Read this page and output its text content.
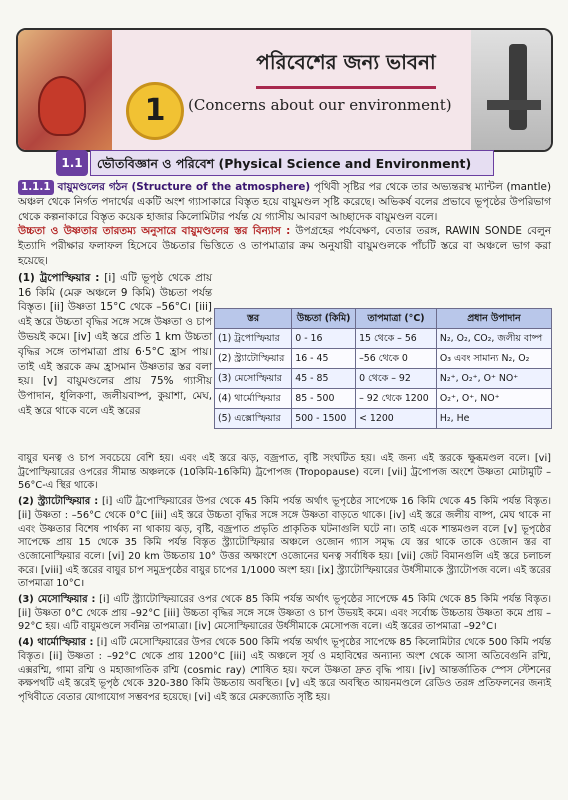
পরিবেশের জন্য ভাবনা
1	(Concerns about our environment)
1.1	ভৌতবিজ্ঞান ও পরিবেশ (Physical Science and Environment)

1.1.1 বায়ুমণ্ডলের গঠন (Structure of the atmosphere) পৃথিবী সৃষ্টির পর থেকে তার অভ্যন্তরস্থ ম্যান্টল (mantle) অঞ্চল থেকে নির্গত পদার্থের একটি অংশ গ্যাসাকারে বিস্তৃত হয়ে বায়ুমণ্ডল সৃষ্টি করেছে। অভিকর্ষ বলের প্রভাবে ভূপৃষ্ঠের উপরিভাগ থেকে কল্পনাকারে বিস্তৃত কয়েক হাজার কিলোমিটার পর্যন্ত যে গ্যাসীয় আবরণ আচ্ছাদেক বায়ুমণ্ডল বলে।

উচ্চতা ও উষ্ণতার তারতম্য অনুসারে বায়ুমণ্ডলের স্তর বিন্যাস : উপগ্রহের পর্যবেক্ষণ, বেতার তরঙ্গ, RAWIN SONDE বেলুন ইত্যাদি পরীক্ষার ফলাফল হিসেবে উচ্চতার ভিত্তিতে ও তাপমাত্রার ক্রম অনুযায়ী বায়ুমণ্ডলকে পাঁচটি স্তরে বা অঞ্চলে ভাগ করা হয়েছে।

(1) ট্রপোস্ফিয়ার : [i] এটি ভূপৃষ্ঠ থেকে প্রায় 16 কিমি (মেরু অঞ্চলে 9 কিমি) উচ্চতা পর্যন্ত বিস্তৃত। [ii] উষ্ণতা 15°C থেকে –56°C। [iii] এই স্তরে উচ্চতা বৃদ্ধির সঙ্গে সঙ্গে উষ্ণতা ও চাপ উভয়ই কমে। [iv] এই স্তরে প্রতি 1 km উচ্চতা বৃদ্ধির সঙ্গে তাপমাত্রা প্রায় 6·5°C হ্রাস পায়। তাই এই স্তরকে ক্রম হ্রাসমান উষ্ণতার স্তর বলা হয়। [v] বায়ুমণ্ডলের প্রায় 75% গ্যাসীয় উপাদান, ধূলিকণা, জলীয়বাষ্প, কুয়াশা, মেঘ, এই স্তরে থাকে বলে এই স্তরের

স্তর	উচ্চতা (কিমি)	তাপমাত্রা (°C)	প্রধান উপাদান
(1) ট্রপোস্ফিয়ার	0 - 16	15 থেকে – 56	N₂, O₂, CO₂, জলীয় বাষ্প
(2) স্ট্র্যাটোস্ফিয়ার	16 - 45	–56 থেকে 0	O₃ এবং সামান্য N₂, O₂
(3) মেসোস্ফিয়ার	45 - 85	0 থেকে – 92	N₂⁺, O₂⁺, O⁺ NO⁺
(4) থার্মোস্ফিয়ার	85 - 500	– 92 থেকে 1200	O₂⁺, O⁺, NO⁺
(5) এক্সোস্ফিয়ার	500 - 1500	< 1200	H₂, He

বায়ুর ঘনত্ব ও চাপ সবচেয়ে বেশি হয়। এবং এই স্তরে ঝড়, বজ্রপাত, বৃষ্টি সংঘটিত হয়। এই জন্য এই স্তরকে ক্ষুব্ধমণ্ডল বলে। [vi] ট্রপোস্ফিয়ারের ওপরের সীমান্ত অঞ্চলকে (10কিমি-16কিমি) ট্রপোপজ (Tropopause) বলে। [vii] ট্রপোপজ অংশে উষ্ণতা মোটামুটি –56°C-এ স্থির থাকে।

(2) স্ট্র্যাটোস্ফিয়ার : [i] এটি ট্রপোস্ফিয়ারের উপর থেকে 45 কিমি পর্যন্ত অর্থাৎ ভূপৃষ্ঠের সাপেক্ষে 16 কিমি থেকে 45 কিমি পর্যন্ত বিস্তৃত। [ii] উষ্ণতা : –56°C থেকে 0°C [iii] এই স্তরে উচ্চতা বৃদ্ধির সঙ্গে সঙ্গে উষ্ণতা বাড়তে থাকে। [iv] এই স্তরে জলীয় বাষ্প, মেঘ থাকে না এবং উষ্ণতার বিশেষ পার্থক্য না থাকায় ঝড়, বৃষ্টি, বজ্রপাত প্রভৃতি প্রাকৃতিক ঘটনাগুলি ঘটে না। তাই একে শান্তমণ্ডল বলে [v] ভূপৃষ্ঠের সাপেক্ষে প্রায় 15 থেকে 35 কিমি পর্যন্ত বিস্তৃত স্ট্র্যাটোস্ফিয়ার অঞ্চলে ওজোন গ্যাস সমৃদ্ধ যে স্তর থাকে তাকে ওজোন স্তর বা ওজোনোস্ফিয়ার বলে। [vi] 20 km উচ্চতায় 10° উত্তর অক্ষাংশে ওজোনের ঘনত্ব সর্বাধিক হয়। [vii] জেট বিমানগুলি এই স্তরে চলাচল করে। [viii] এই স্তরের বায়ুর চাপ সমুদ্রপৃষ্ঠের বায়ুর চাপের 1/1000 অংশ হয়। [ix] স্ট্র্যাটোস্ফিয়ারের উর্ধসীমাকে স্ট্র্যাটোপজ বলে। এই স্তরের তাপমাত্রা 10°C।

(3) মেসোস্ফিয়ার : [i] এটি স্ট্র্যাটোস্ফিয়ারের ওপর থেকে 85 কিমি পর্যন্ত অর্থাৎ ভূপৃষ্ঠের সাপেক্ষে 45 কিমি থেকে 85 কিমি পর্যন্ত বিস্তৃত। [ii] উষ্ণতা 0°C থেকে প্রায় –92°C [iii] উচ্চতা বৃদ্ধির সঙ্গে সঙ্গে উষ্ণতা ও চাপ উভয়ই কমে। এবং সর্বোচ্চ উচ্চতায় উষ্ণতা কমে প্রায় –92°C হয়। এটি বায়ুমণ্ডলে সর্বনিম্ন তাপমাত্রা। [iv] মেসোস্ফিয়ারের উর্ধসীমাকে মেসোপজ বলে। এই স্তরের তাপমাত্রা –92°C।

(4) থার্মোস্ফিয়ার : [i] এটি মেসোস্ফিয়ারের উপর থেকে 500 কিমি পর্যন্ত অর্থাৎ ভূপৃষ্ঠের সাপেক্ষে 85 কিলোমিটার থেকে 500 কিমি পর্যন্ত বিস্তৃত। [ii] উষ্ণতা : –92°C থেকে প্রায় 1200°C [iii] এই অঞ্চলে সূর্য ও মহাবিশ্বের অন্যান্য অংশ থেকে আসা অতিবেগুনি রশ্মি, এক্সরশ্মি, গামা রশ্মি ও মহাজাগতিক রশ্মি (cosmic ray) শোষিত হয়। ফলে উষ্ণতা দ্রুত বৃদ্ধি পায়। [iv] আন্তর্জাতিক স্পেস স্টেশনের কক্ষপথটি এই স্তরেই ভূপৃষ্ঠ থেকে 320-380 কিমি উচ্চতায় অবস্থিত। [v] এই স্তরে অবস্থিত আয়নমণ্ডলে রেডিও তরঙ্গ প্রতিফলনের জন্যই পৃথিবীতে বেতার যোগাযোগ সম্ভবপর হয়েছে। [vi] এই স্তরে মেরুজ্যোতি সৃষ্টি হয়।
